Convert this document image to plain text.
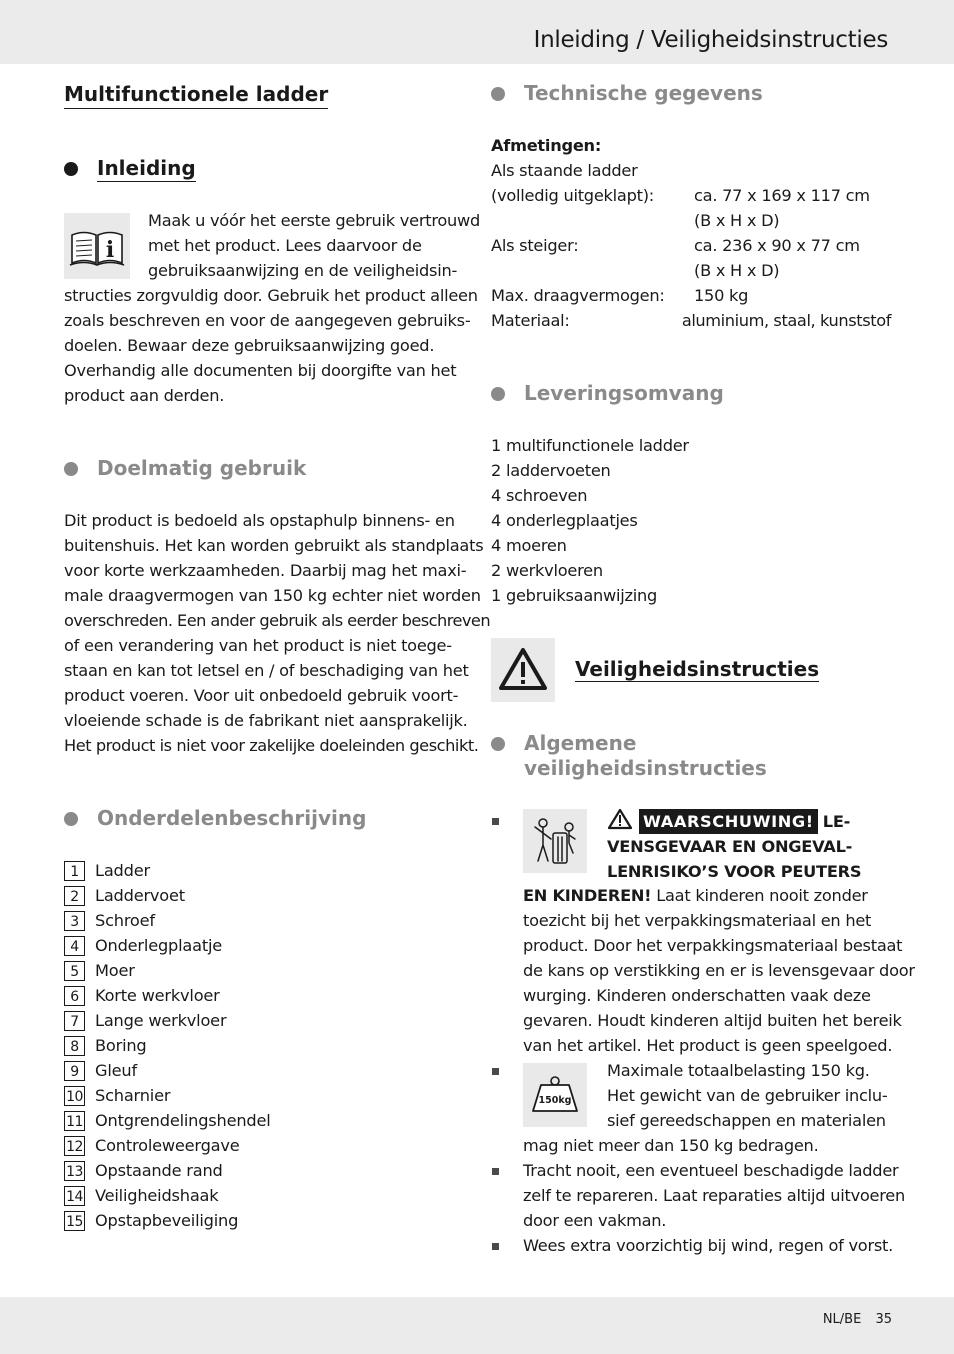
Inleiding / Veiligheidsinstructies
NL/BE 35
Multifunctionele ladder
Inleiding
i
Maak u vóór het eerste gebruik vertrouwd
met het product. Lees daarvoor de
gebruiksaanwijzing en de veiligheidsin-
structies zorgvuldig door. Gebruik het product alleen
zoals beschreven en voor de aangegeven gebruiks-
doelen. Bewaar deze gebruiksaanwijzing goed.
Overhandig alle documenten bij doorgifte van het
product aan derden.
Doelmatig gebruik
Dit product is bedoeld als opstaphulp binnens- en
buitenshuis. Het kan worden gebruikt als standplaats
voor korte werkzaamheden. Daarbij mag het maxi-
male draagvermogen van 150 kg echter niet worden
overschreden. Een ander gebruik als eerder beschreven
of een verandering van het product is niet toege-
staan en kan tot letsel en / of beschadiging van het
product voeren. Voor uit onbedoeld gebruik voort-
vloeiende schade is de fabrikant niet aansprakelijk.
Het product is niet voor zakelijke doeleinden geschikt.
Onderdelenbeschrijving
1	Ladder
2	Laddervoet
3	Schroef
4	Onderlegplaatje
5	Moer
6	Korte werkvloer
7	Lange werkvloer
8	Boring
9	Gleuf
10 Scharnier
11 Ontgrendelingshendel
12 Controleweergave
13 Opstaande rand
14 Veiligheidshaak
15 Opstapbeveiliging
Technische gegevens
Afmetingen:
Als staande ladder
(volledig uitgeklapt):	ca. 77 x 169 x 117 cm
(B x H x D)
Als steiger:	ca. 236 x 90 x 77 cm
(B x H x D)
Max. draagvermogen:	150 kg
Materiaal:	aluminium, staal, kunststof
Leveringsomvang
1 multifunctionele ladder
2 laddervoeten
4 schroeven
4 onderlegplaatjes
4 moeren
2 werkvloeren
1 gebruiksaanwijzing
Veiligheidsinstructies
Algemene
veiligheidsinstructies
WAARSCHUWING! LE-
VENSGEVAAR EN ONGEVAL-
LENRISIKO’S VOOR PEUTERS
EN KINDEREN! Laat kinderen nooit zonder
toezicht bij het verpakkingsmateriaal en het
product. Door het verpakkingsmateriaal bestaat
de kans op verstikking en er is levensgevaar door
wurging. Kinderen onderschatten vaak deze
gevaren. Houdt kinderen altijd buiten het bereik
van het artikel. Het product is geen speelgoed.
150kg
Maximale totaalbelasting 150 kg.
Het gewicht van de gebruiker inclu-
sief gereedschappen en materialen
mag niet meer dan 150 kg bedragen.
Tracht nooit, een eventueel beschadigde ladder
zelf te repareren. Laat reparaties altijd uitvoeren
door een vakman.
Wees extra voorzichtig bij wind, regen of vorst.
